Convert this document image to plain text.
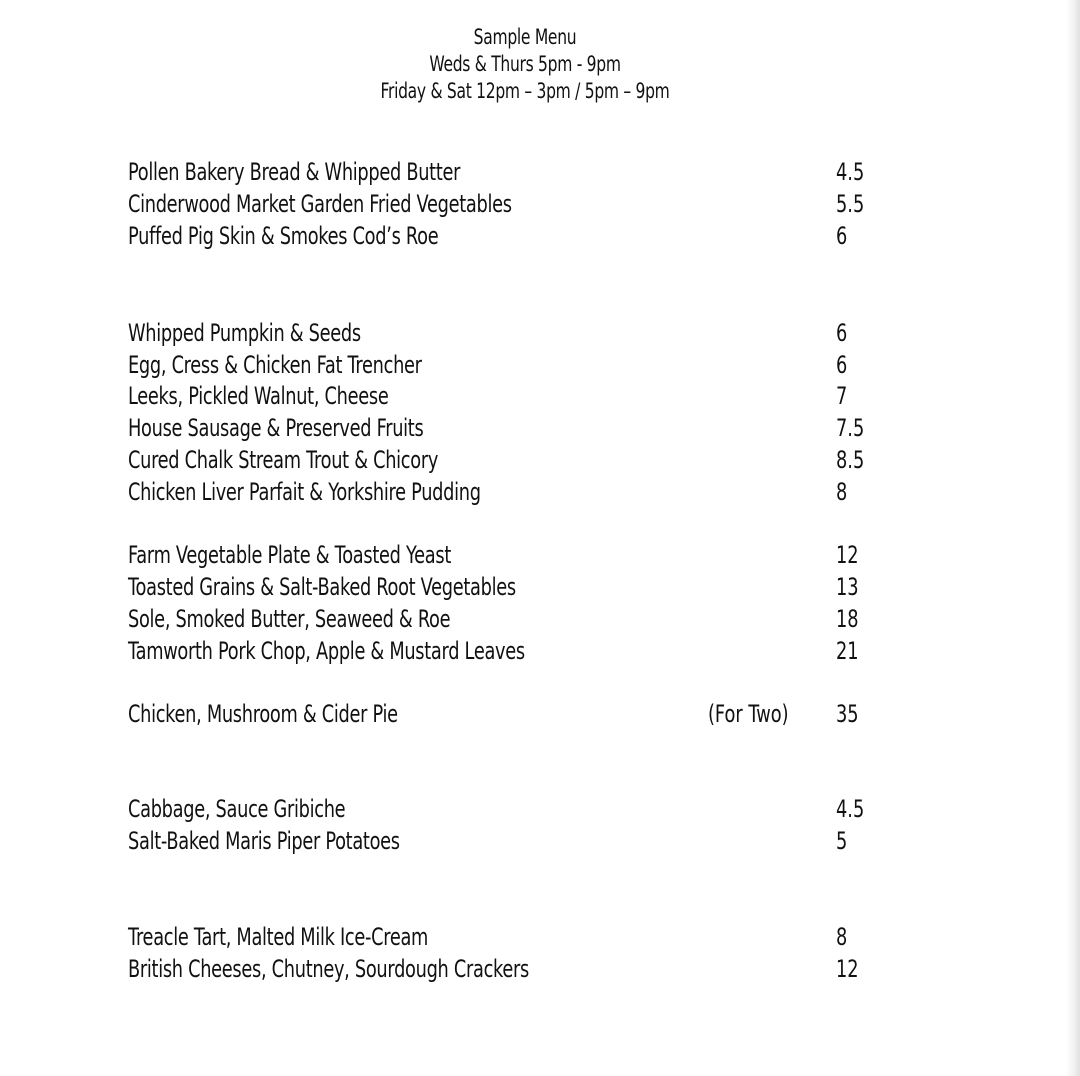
Sample Menu
Weds & Thurs 5pm - 9pm
Friday & Sat 12pm – 3pm / 5pm – 9pm
Pollen Bakery Bread & Whipped Butter	4.5
Cinderwood Market Garden Fried Vegetables	5.5
Puffed Pig Skin & Smokes Cod’s Roe	6
Whipped Pumpkin & Seeds	6
Egg, Cress & Chicken Fat Trencher	6
Leeks, Pickled Walnut, Cheese	7
House Sausage & Preserved Fruits	7.5
Cured Chalk Stream Trout & Chicory	8.5
Chicken Liver Parfait & Yorkshire Pudding	8
Farm Vegetable Plate & Toasted Yeast	12
Toasted Grains & Salt-Baked Root Vegetables	13
Sole, Smoked Butter, Seaweed & Roe	18
Tamworth Pork Chop, Apple & Mustard Leaves	21
Chicken, Mushroom & Cider Pie	(For Two) 35
Cabbage, Sauce Gribiche	4.5
Salt-Baked Maris Piper Potatoes	5
Treacle Tart, Malted Milk Ice-Cream	8
British Cheeses, Chutney, Sourdough Crackers	12
